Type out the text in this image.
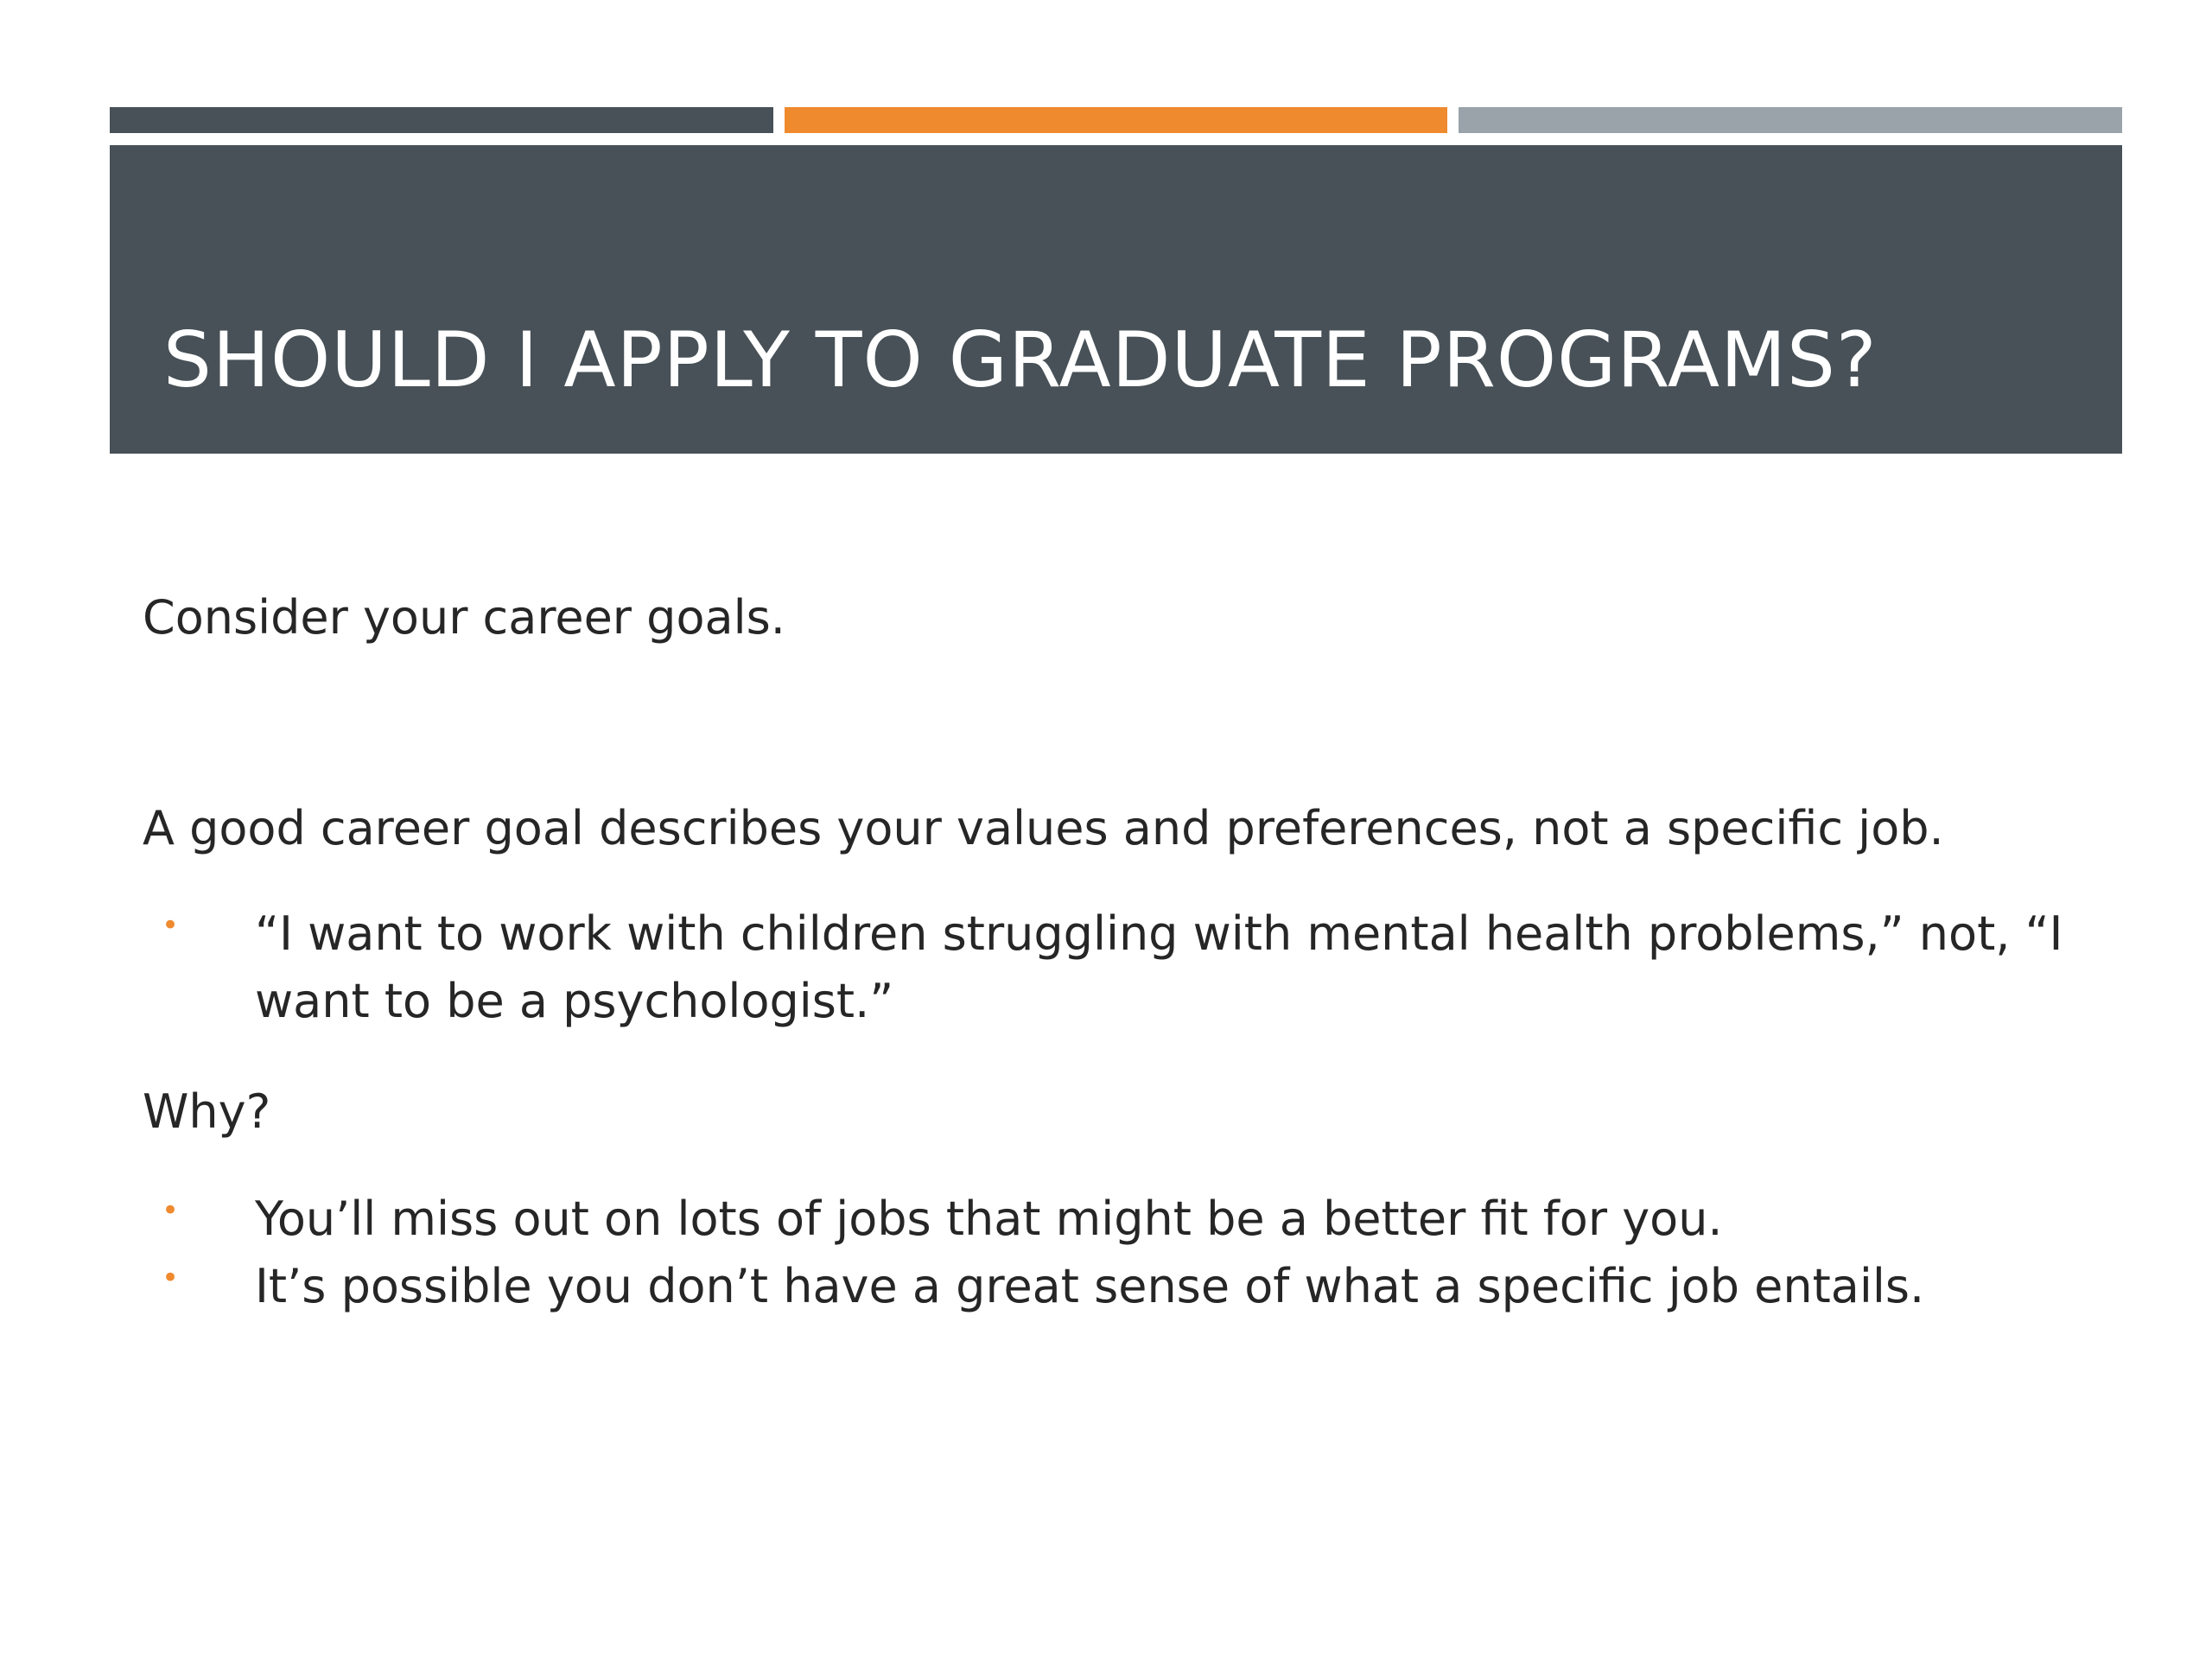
SHOULD I APPLY TO GRADUATE PROGRAMS?

Consider your career goals.

A good career goal describes your values and preferences, not a specific job.

•	“I want to work with children struggling with mental health problems,” not, “I want to be a psychologist.”

Why?

•	You’ll miss out on lots of jobs that might be a better fit for you.
•	It’s possible you don’t have a great sense of what a specific job entails.
